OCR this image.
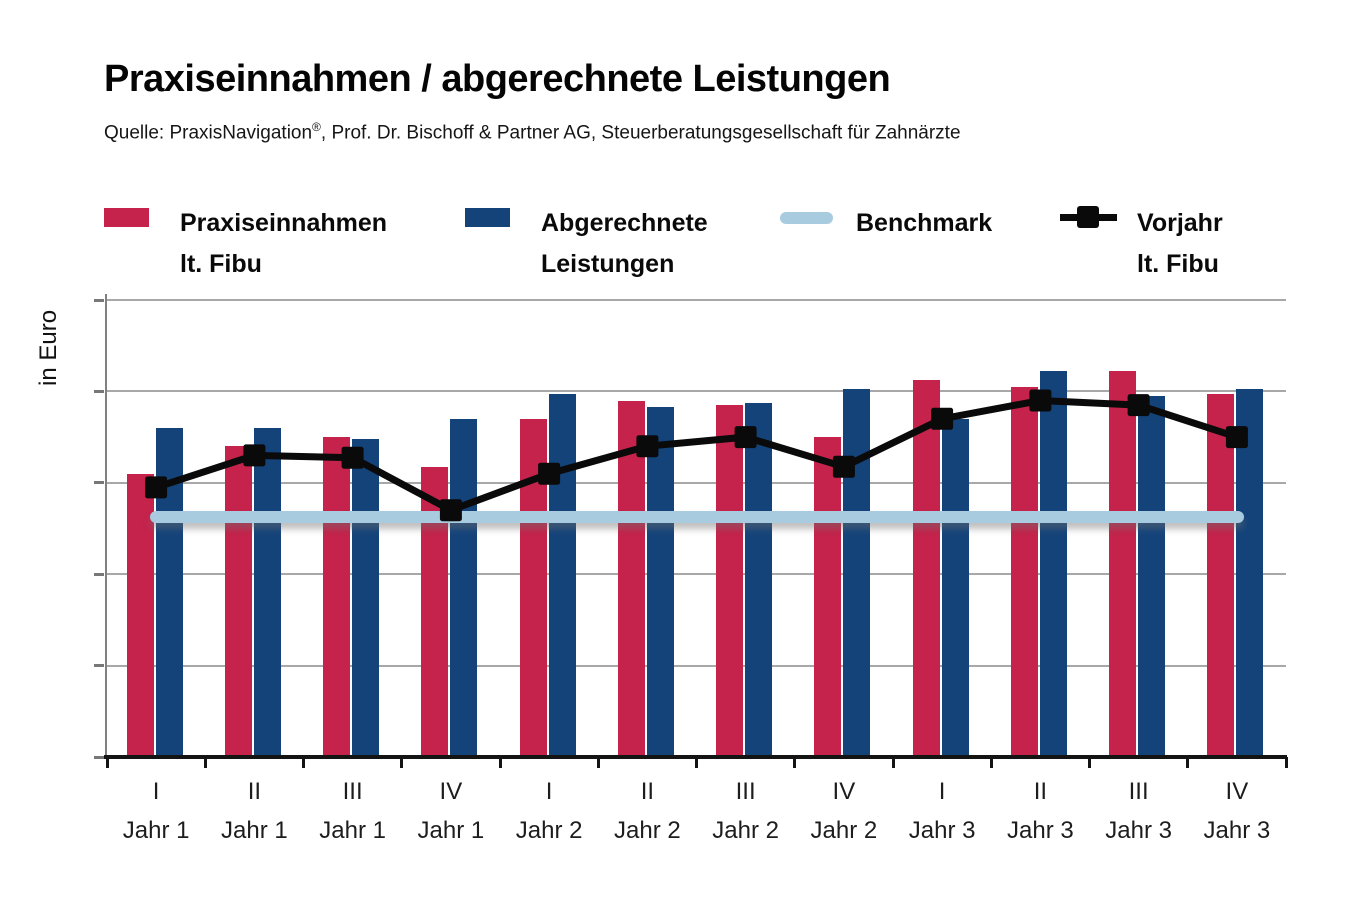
Praxiseinnahmen / abgerechnete Leistungen

Quelle: PraxisNavigation®, Prof. Dr. Bischoff & Partner AG, Steuerberatungsgesellschaft für Zahnärzte

Praxiseinnahmen
lt. Fibu
Abgerechnete
Leistungen
Benchmark	Vorjahr
lt. Fibu
in Euro
I
Jahr 1
II
Jahr 1
III
Jahr 1
IV
Jahr 1
I
Jahr 2
II
Jahr 2
III
Jahr 2
IV
Jahr 2
I
Jahr 3
II
Jahr 3
III
Jahr 3
IV
Jahr 3
